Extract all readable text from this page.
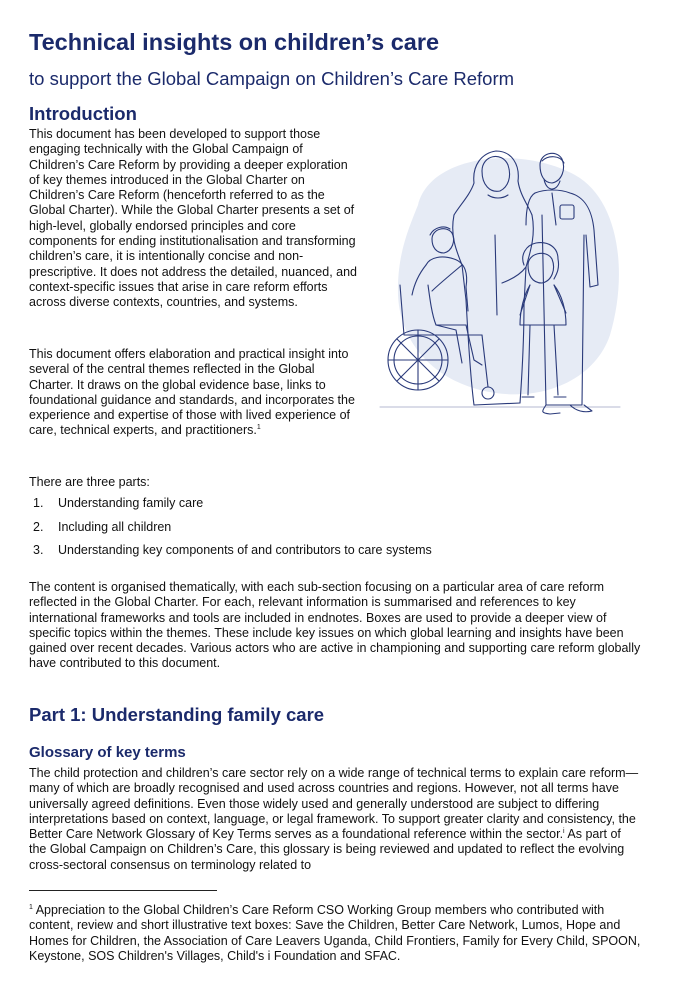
Technical insights on children’s care
to support the Global Campaign on Children’s Care Reform
Introduction
This document has been developed to support those engaging technically with the Global Campaign of Children’s Care Reform by providing a deeper exploration of key themes introduced in the Global Charter on Children’s Care Reform (henceforth referred to as the Global Charter). While the Global Charter presents a set of high-level, globally endorsed principles and core components for ending institutionalisation and transforming children’s care, it is intentionally concise and non-prescriptive. It does not address the detailed, nuanced, and context-specific issues that arise in care reform efforts across diverse contexts, countries, and systems.
This document offers elaboration and practical insight into several of the central themes reflected in the Global Charter. It draws on the global evidence base, links to foundational guidance and standards, and incorporates the experience and expertise of those with lived experience of care, technical experts, and practitioners.$^1$
There are three parts:
1. Understanding family care
2. Including all children
3. Understanding key components of and contributors to care systems
The content is organised thematically, with each sub-section focusing on a particular area of care reform reflected in the Global Charter. For each, relevant information is summarised and references to key international frameworks and tools are included in endnotes. Boxes are used to provide a deeper view of specific topics within the themes. These include key issues on which global learning and insights have been gained over recent decades. Various actors who are active in championing and supporting care reform globally have contributed to this document.
Part 1: Understanding family care
Glossary of key terms
The child protection and children’s care sector rely on a wide range of technical terms to explain care reform—many of which are broadly recognised and used across countries and regions. However, not all terms have universally agreed definitions. Even those widely used and generally understood are subject to differing interpretations based on context, language, or legal framework. To support greater clarity and consistency, the Better Care Network Glossary of Key Terms serves as a foundational reference within the sector.$^i$ As part of the Global Campaign on Children’s Care, this glossary is being reviewed and updated to reflect the evolving cross-sectoral consensus on terminology related to
$^1$ Appreciation to the Global Children’s Care Reform CSO Working Group members who contributed with content, review and short illustrative text boxes: Save the Children, Better Care Network, Lumos, Hope and Homes for Children, the Association of Care Leavers Uganda, Child Frontiers, Family for Every Child, SPOON, Keystone, SOS Children's Villages, Child's i Foundation and SFAC.
